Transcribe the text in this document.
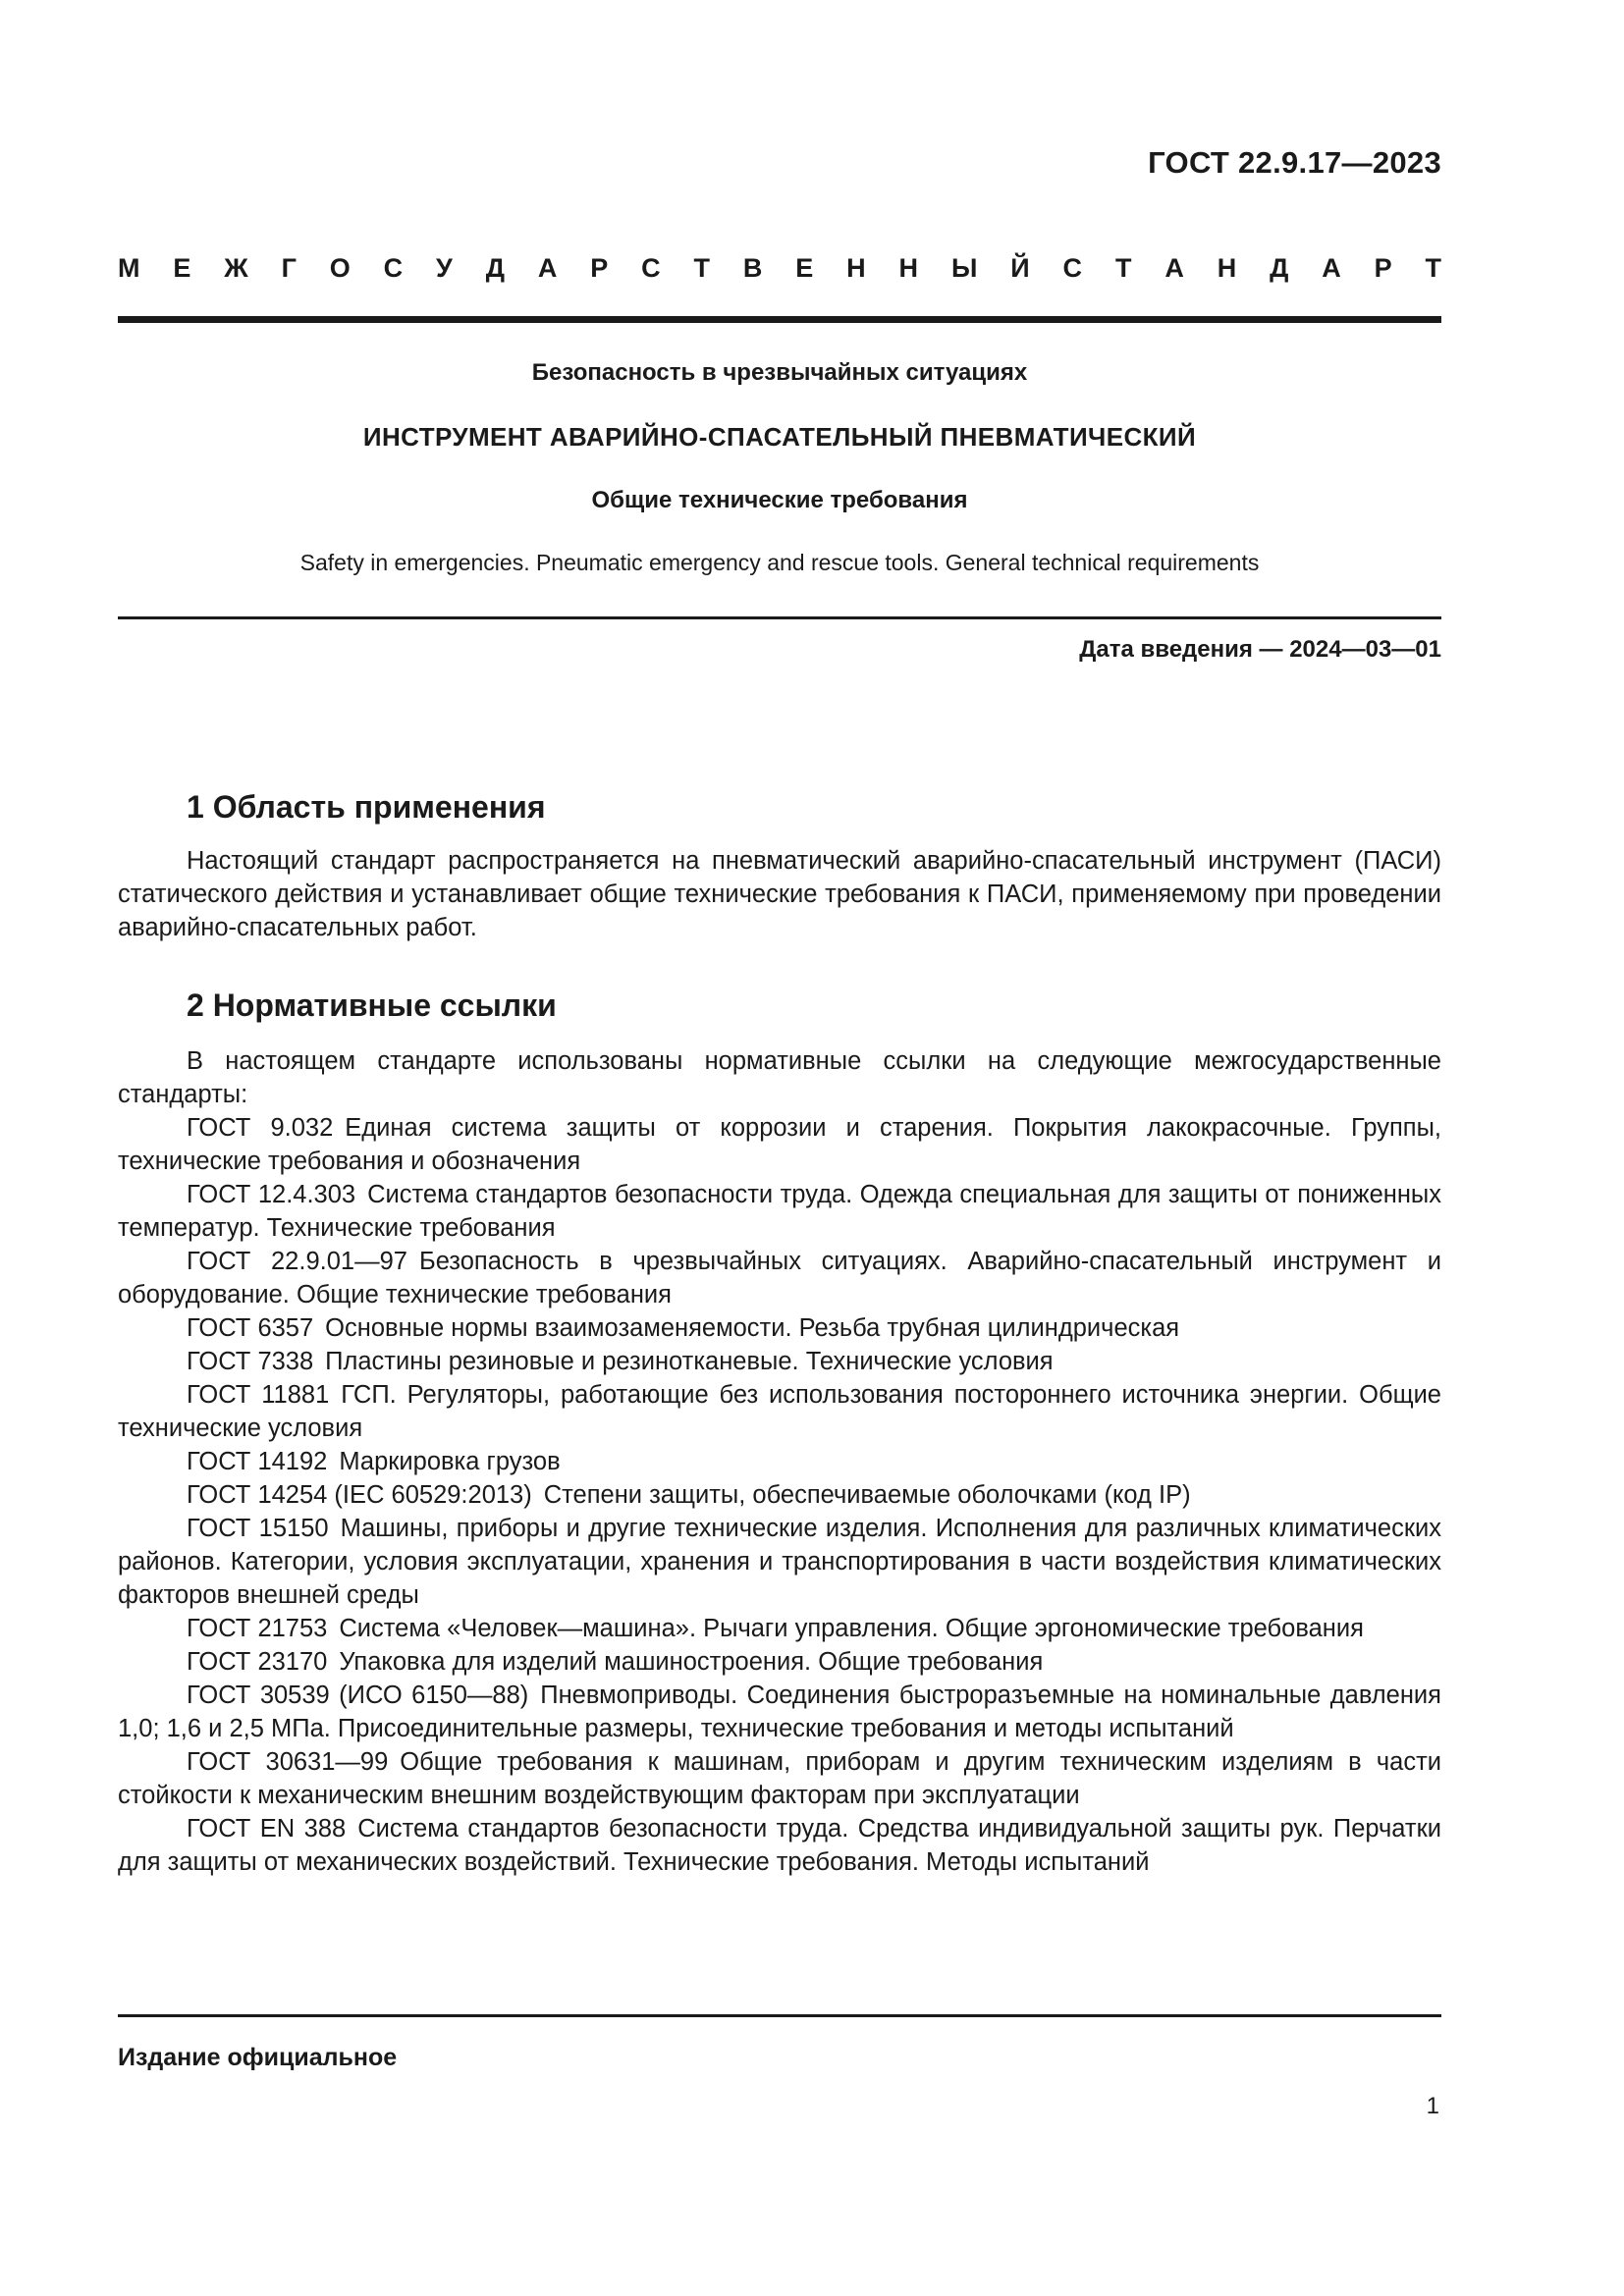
ГОСТ 22.9.17—2023
М Е Ж Г О С У Д А Р С Т В Е Н Н Ы Й С Т А Н Д А Р Т
Безопасность в чрезвычайных ситуациях
ИНСТРУМЕНТ АВАРИЙНО-СПАСАТЕЛЬНЫЙ ПНЕВМАТИЧЕСКИЙ
Общие технические требования
Safety in emergencies. Pneumatic emergency and rescue tools. General technical requirements
Дата введения — 2024—03—01
1 Область применения

Настоящий стандарт распространяется на пневматический аварийно-спасательный инструмент (ПАСИ) статического действия и устанавливает общие технические требования к ПАСИ, применяемому при проведении аварийно-спасательных работ.

2 Нормативные ссылки

В настоящем стандарте использованы нормативные ссылки на следующие межгосударственные стандарты:

ГОСТ 9.032 Единая система защиты от коррозии и старения. Покрытия лакокрасочные. Группы, технические требования и обозначения

ГОСТ 12.4.303 Система стандартов безопасности труда. Одежда специальная для защиты от пониженных температур. Технические требования

ГОСТ 22.9.01—97 Безопасность в чрезвычайных ситуациях. Аварийно-спасательный инструмент и оборудование. Общие технические требования

ГОСТ 6357 Основные нормы взаимозаменяемости. Резьба трубная цилиндрическая

ГОСТ 7338 Пластины резиновые и резинотканевые. Технические условия

ГОСТ 11881 ГСП. Регуляторы, работающие без использования постороннего источника энергии. Общие технические условия

ГОСТ 14192 Маркировка грузов

ГОСТ 14254 (IEC 60529:2013) Степени защиты, обеспечиваемые оболочками (код IP)

ГОСТ 15150 Машины, приборы и другие технические изделия. Исполнения для различных климатических районов. Категории, условия эксплуатации, хранения и транспортирования в части воздействия климатических факторов внешней среды

ГОСТ 21753 Система «Человек—машина». Рычаги управления. Общие эргономические требования

ГОСТ 23170 Упаковка для изделий машиностроения. Общие требования

ГОСТ 30539 (ИСО 6150—88) Пневмоприводы. Соединения быстроразъемные на номинальные давления 1,0; 1,6 и 2,5 МПа. Присоединительные размеры, технические требования и методы испытаний

ГОСТ 30631—99 Общие требования к машинам, приборам и другим техническим изделиям в части стойкости к механическим внешним воздействующим факторам при эксплуатации

ГОСТ EN 388 Система стандартов безопасности труда. Средства индивидуальной защиты рук. Перчатки для защиты от механических воздействий. Технические требования. Методы испытаний

Издание официальное
1
